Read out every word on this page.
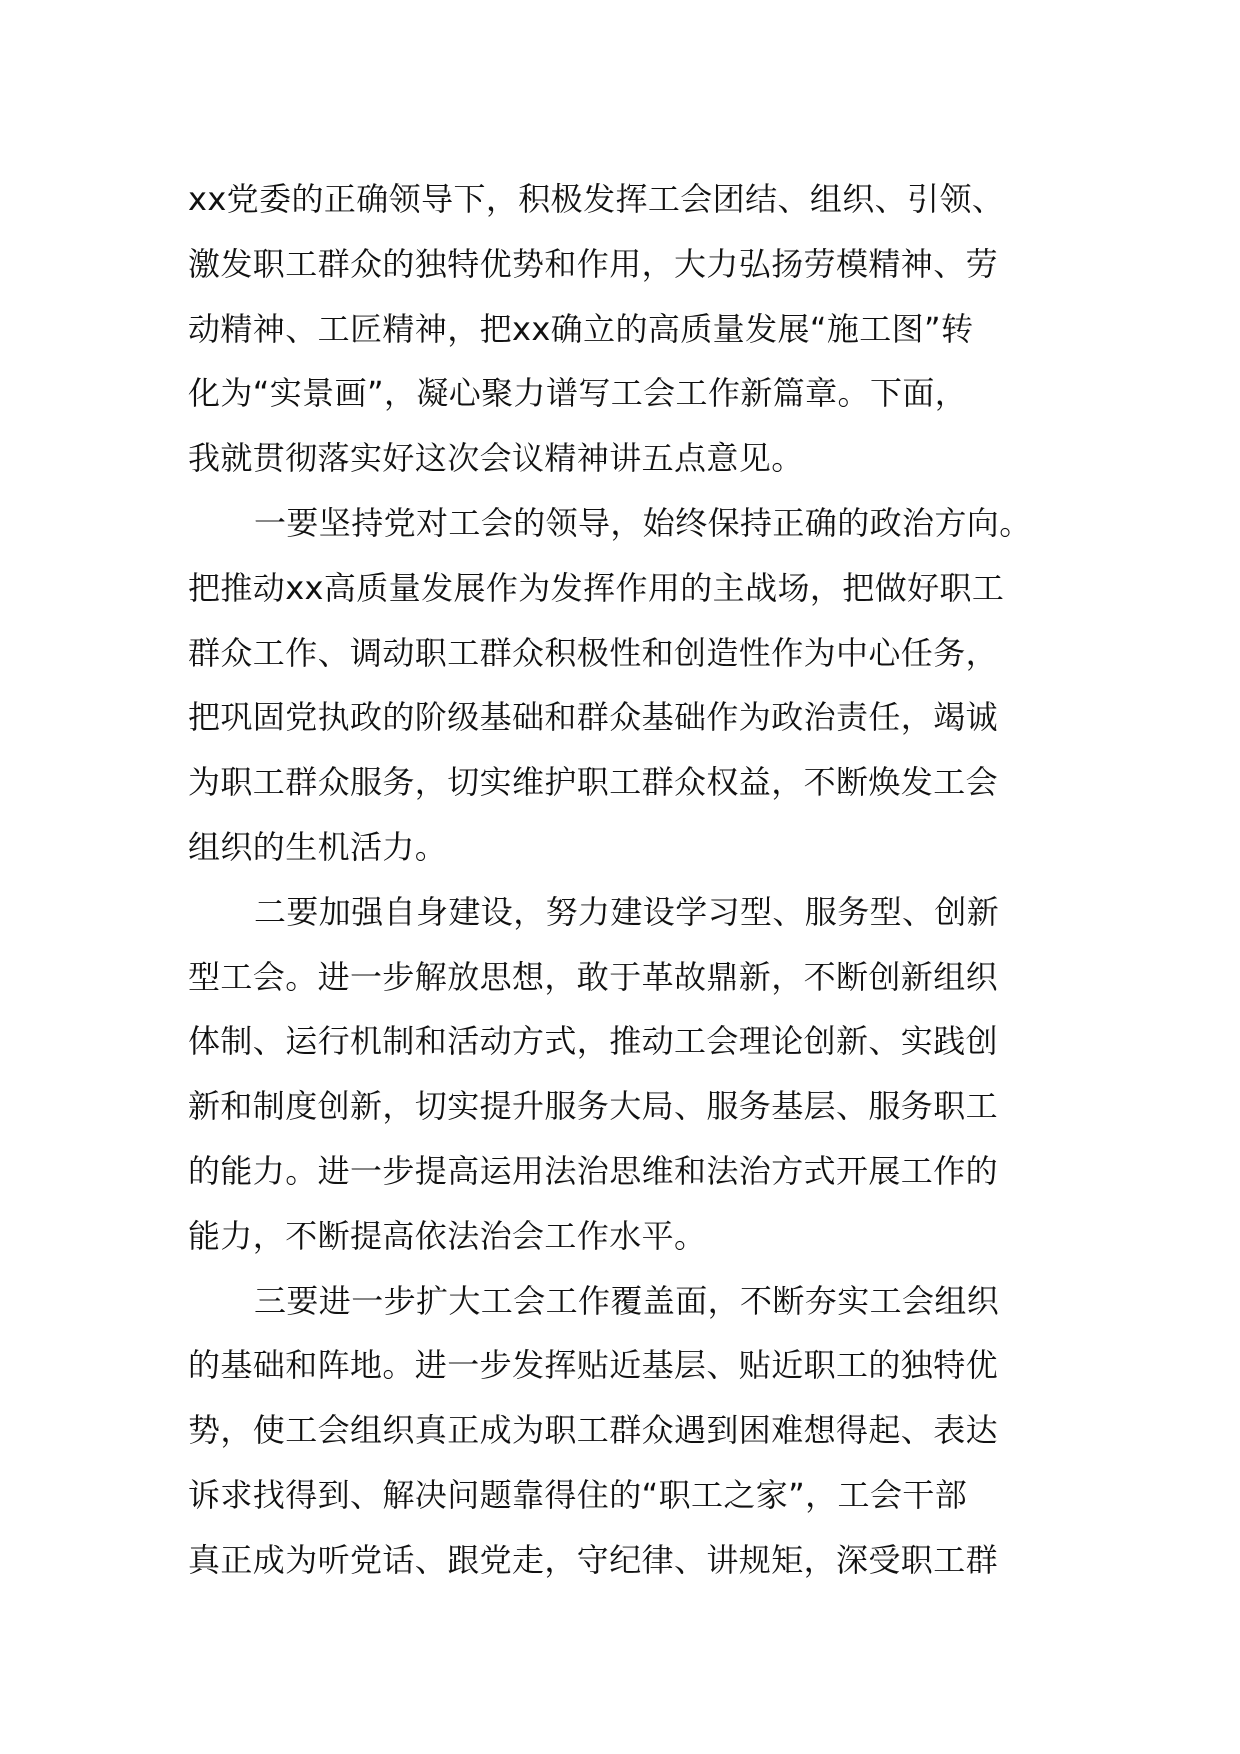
xx党委的正确领导下，积极发挥工会团结、组织、引领、
激发职工群众的独特优势和作用，大力弘扬劳模精神、劳
动精神、工匠精神，把xx确立的高质量发展“施工图”转
化为“实景画”，凝心聚力谱写工会工作新篇章。下面，
我就贯彻落实好这次会议精神讲五点意见。
一要坚持党对工会的领导，始终保持正确的政治方向。
把推动xx高质量发展作为发挥作用的主战场，把做好职工
群众工作、调动职工群众积极性和创造性作为中心任务，
把巩固党执政的阶级基础和群众基础作为政治责任，竭诚
为职工群众服务，切实维护职工群众权益，不断焕发工会
组织的生机活力。
二要加强自身建设，努力建设学习型、服务型、创新
型工会。进一步解放思想，敢于革故鼎新，不断创新组织
体制、运行机制和活动方式，推动工会理论创新、实践创
新和制度创新，切实提升服务大局、服务基层、服务职工
的能力。进一步提高运用法治思维和法治方式开展工作的
能力，不断提高依法治会工作水平。
三要进一步扩大工会工作覆盖面，不断夯实工会组织
的基础和阵地。进一步发挥贴近基层、贴近职工的独特优
势，使工会组织真正成为职工群众遇到困难想得起、表达
诉求找得到、解决问题靠得住的“职工之家”，工会干部
真正成为听党话、跟党走，守纪律、讲规矩，深受职工群
